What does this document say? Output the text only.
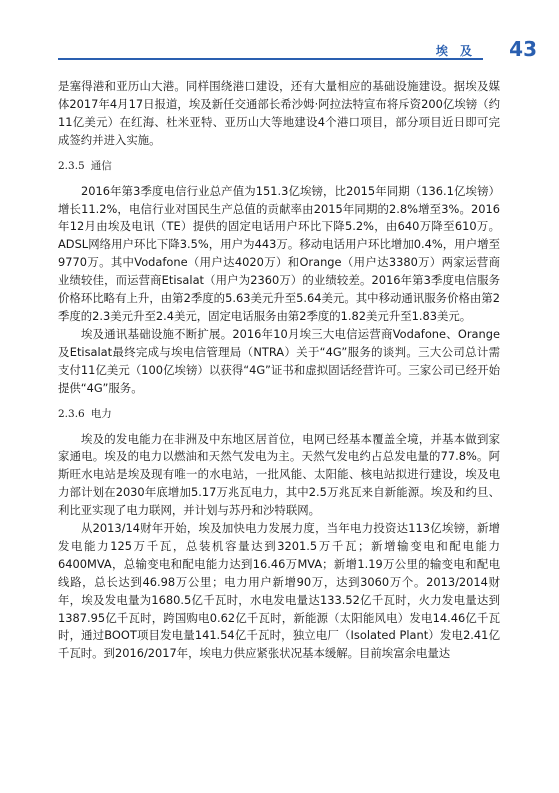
埃 及 43

是塞得港和亚历山大港。同样围绕港口建设，还有大量相应的基础设施建设。据埃及媒体2017年4月17日报道，埃及新任交通部长希沙姆·阿拉法特宣布将斥资200亿埃镑（约11亿美元）在红海、杜米亚特、亚历山大等地建设4个港口项目，部分项目近日即可完成签约并进入实施。

2.3.5 通信

2016年第3季度电信行业总产值为151.3亿埃镑，比2015年同期（136.1亿埃镑）增长11.2%，电信行业对国民生产总值的贡献率由2015年同期的2.8%增至3%。2016年12月由埃及电讯（TE）提供的固定电话用户环比下降5.2%，由640万降至610万。ADSL网络用户环比下降3.5%，用户为443万。移动电话用户环比增加0.4%，用户增至9770万。其中Vodafone（用户达4020万）和Orange（用户达3380万）两家运营商业绩较佳，而运营商Etisalat（用户为2360万）的业绩较差。2016年第3季度电信服务价格环比略有上升，由第2季度的5.63美元升至5.64美元。其中移动通讯服务价格由第2季度的2.3美元升至2.4美元，固定电话服务由第2季度的1.82美元升至1.83美元。

埃及通讯基础设施不断扩展。2016年10月埃三大电信运营商Vodafone、Orange及Etisalat最终完成与埃电信管理局（NTRA）关于“4G”服务的谈判。三大公司总计需支付11亿美元（100亿埃镑）以获得“4G”证书和虚拟固话经营许可。三家公司已经开始提供“4G”服务。

2.3.6 电力

埃及的发电能力在非洲及中东地区居首位，电网已经基本覆盖全境，并基本做到家家通电。埃及的电力以燃油和天然气发电为主。天然气发电约占总发电量的77.8%。阿斯旺水电站是埃及现有唯一的水电站，一批风能、太阳能、核电站拟进行建设，埃及电力部计划在2030年底增加5.17万兆瓦电力，其中2.5万兆瓦来自新能源。埃及和约旦、利比亚实现了电力联网，并计划与苏丹和沙特联网。

从2013/14财年开始，埃及加快电力发展力度，当年电力投资达113亿埃镑，新增发电能力125万千瓦，总装机容量达到3201.5万千瓦；新增输变电和配电能力6400MVA，总输变电和配电能力达到16.46万MVA；新增1.19万公里的输变电和配电线路，总长达到46.98万公里；电力用户新增90万，达到3060万个。2013/2014财年，埃及发电量为1680.5亿千瓦时，水电发电量达133.52亿千瓦时，火力发电量达到1387.95亿千瓦时，跨国购电0.62亿千瓦时，新能源（太阳能风电）发电14.46亿千瓦时，通过BOOT项目发电量141.54亿千瓦时，独立电厂（Isolated Plant）发电2.41亿千瓦时。到2016/2017年，埃电力供应紧张状况基本缓解。目前埃富余电量达
